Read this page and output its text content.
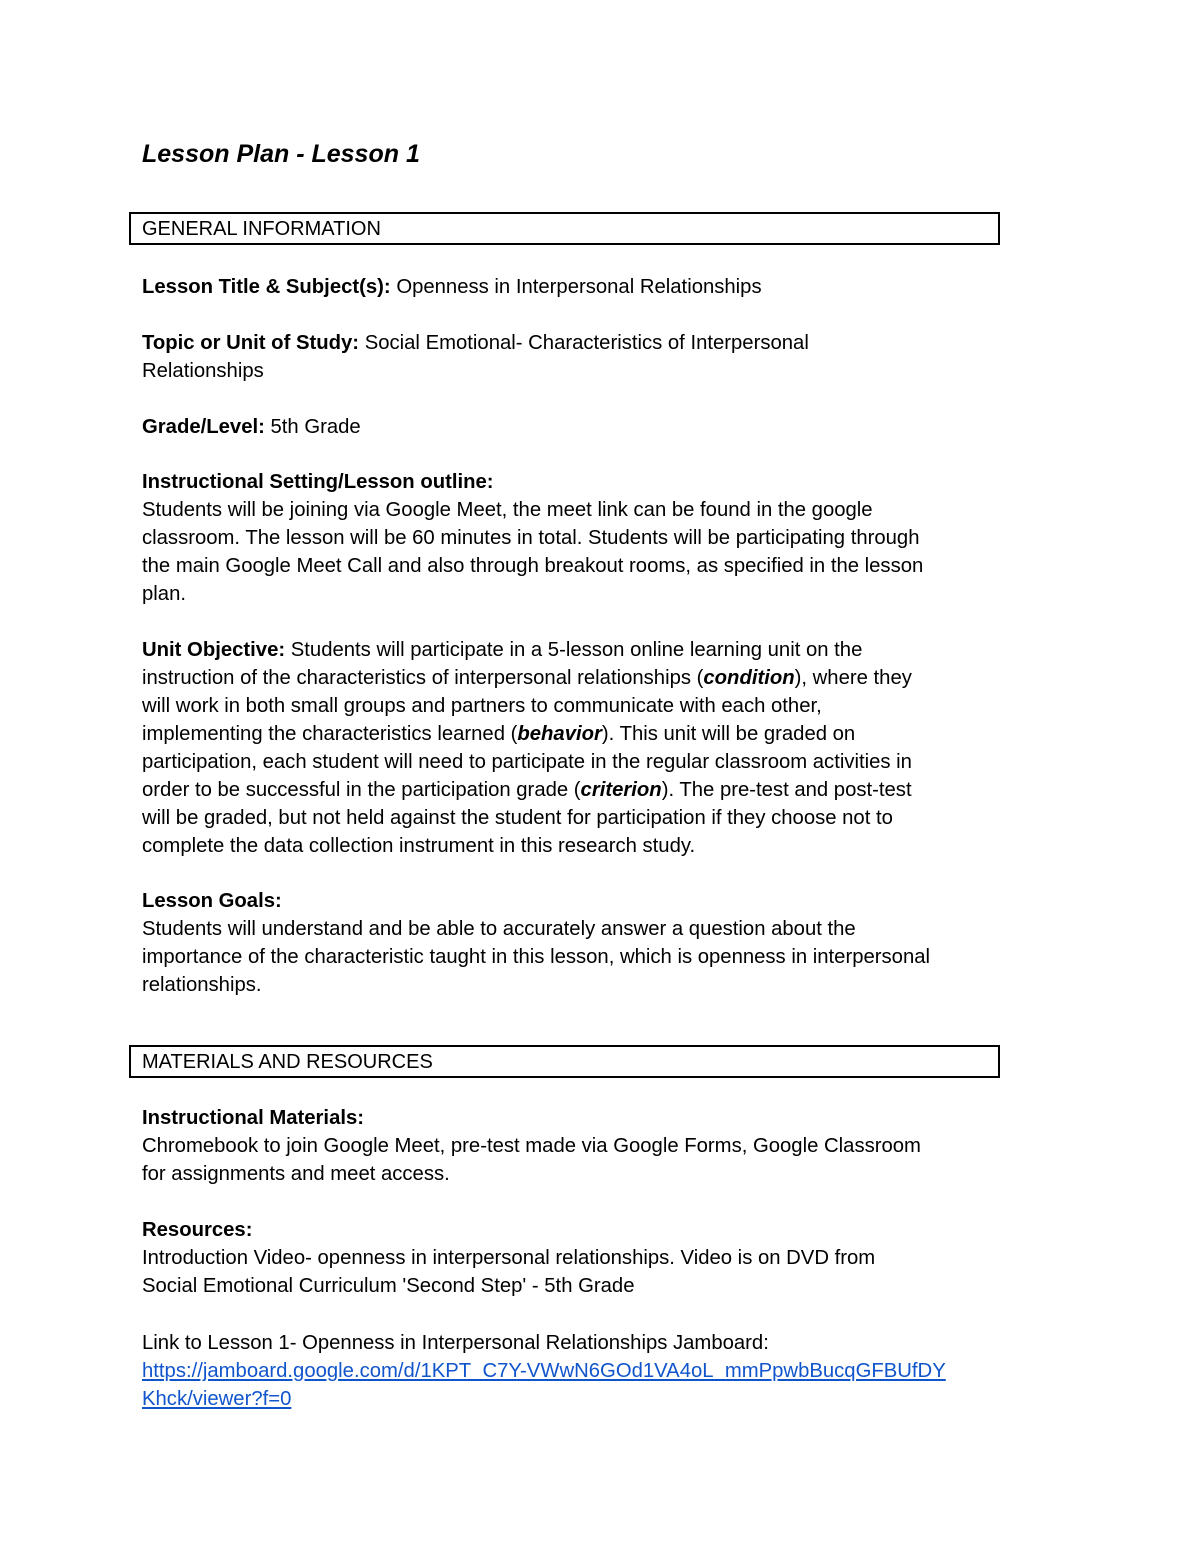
Lesson Plan - Lesson 1
GENERAL INFORMATION
Lesson Title & Subject(s): Openness in Interpersonal Relationships
Topic or Unit of Study: Social Emotional- Characteristics of Interpersonal
Relationships
Grade/Level: 5th Grade
Instructional Setting/Lesson outline:
Students will be joining via Google Meet, the meet link can be found in the google
classroom. The lesson will be 60 minutes in total. Students will be participating through
the main Google Meet Call and also through breakout rooms, as specified in the lesson
plan.
Unit Objective: Students will participate in a 5-lesson online learning unit on the
instruction of the characteristics of interpersonal relationships (condition), where they
will work in both small groups and partners to communicate with each other,
implementing the characteristics learned (behavior). This unit will be graded on
participation, each student will need to participate in the regular classroom activities in
order to be successful in the participation grade (criterion). The pre-test and post-test
will be graded, but not held against the student for participation if they choose not to
complete the data collection instrument in this research study.
Lesson Goals:
Students will understand and be able to accurately answer a question about the
importance of the characteristic taught in this lesson, which is openness in interpersonal
relationships.
MATERIALS AND RESOURCES
Instructional Materials:
Chromebook to join Google Meet, pre-test made via Google Forms, Google Classroom
for assignments and meet access.
Resources:
Introduction Video- openness in interpersonal relationships. Video is on DVD from
Social Emotional Curriculum 'Second Step' - 5th Grade
Link to Lesson 1- Openness in Interpersonal Relationships Jamboard:
https://jamboard.google.com/d/1KPT_C7Y-VWwN6GOd1VA4oL_mmPpwbBucqGFBUfDY
Khck/viewer?f=0
